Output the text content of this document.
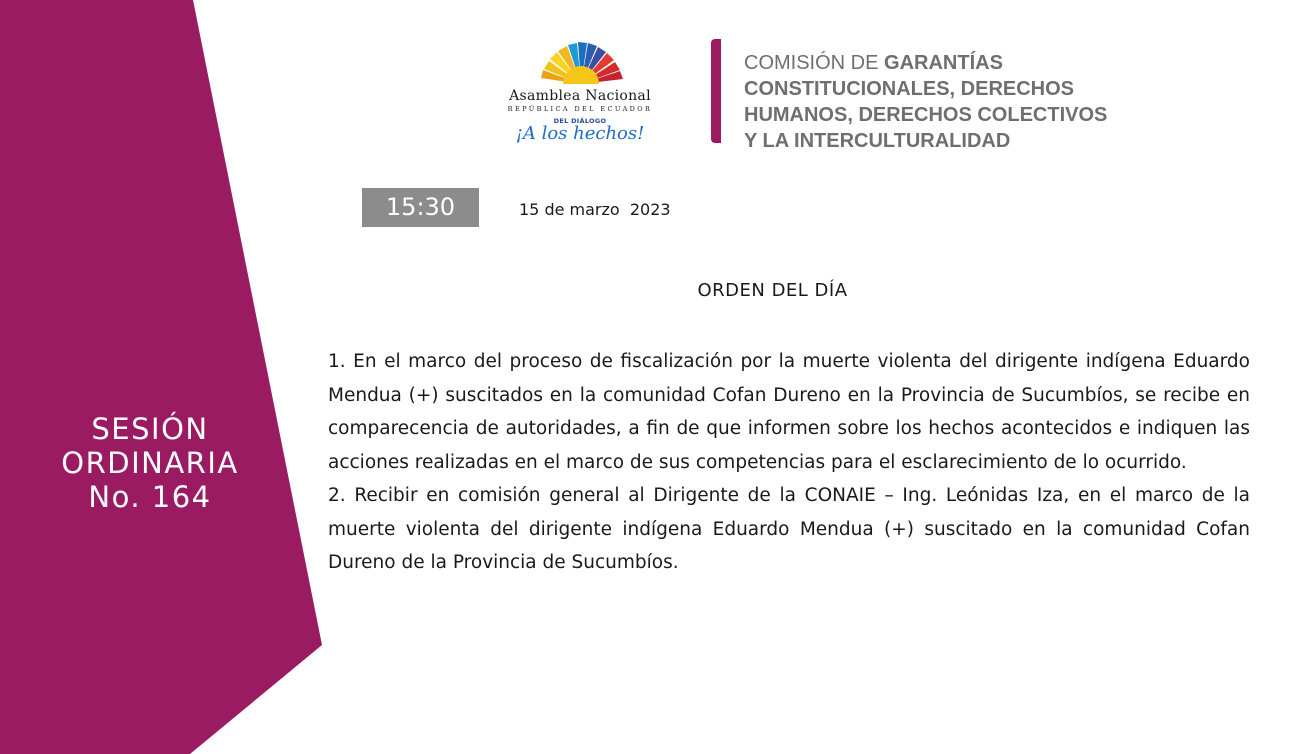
SESIÓN
ORDINARIA
No. 164
Asamblea Nacional
REPÚBLICA DEL ECUADOR
DEL DIÁLOGO
¡A los hechos!
COMISIÓN DE GARANTÍAS
CONSTITUCIONALES, DERECHOS
HUMANOS, DERECHOS COLECTIVOS
Y LA INTERCULTURALIDAD
15:30	15 de marzo  2023
ORDEN DEL DÍA

1. En el marco del proceso de fiscalización por la muerte violenta del dirigente indígena Eduardo Mendua (+) suscitados en la comunidad Cofan Dureno en la Provincia de Sucumbíos, se recibe en comparecencia de autoridades, a fin de que informen sobre los hechos acontecidos e indiquen las acciones realizadas en el marco de sus competencias para el esclarecimiento de lo ocurrido.

2. Recibir en comisión general al Dirigente de la CONAIE – Ing. Leónidas Iza, en el marco de la muerte violenta del dirigente indígena Eduardo Mendua (+) suscitado en la comunidad Cofan Dureno de la Provincia de Sucumbíos.
